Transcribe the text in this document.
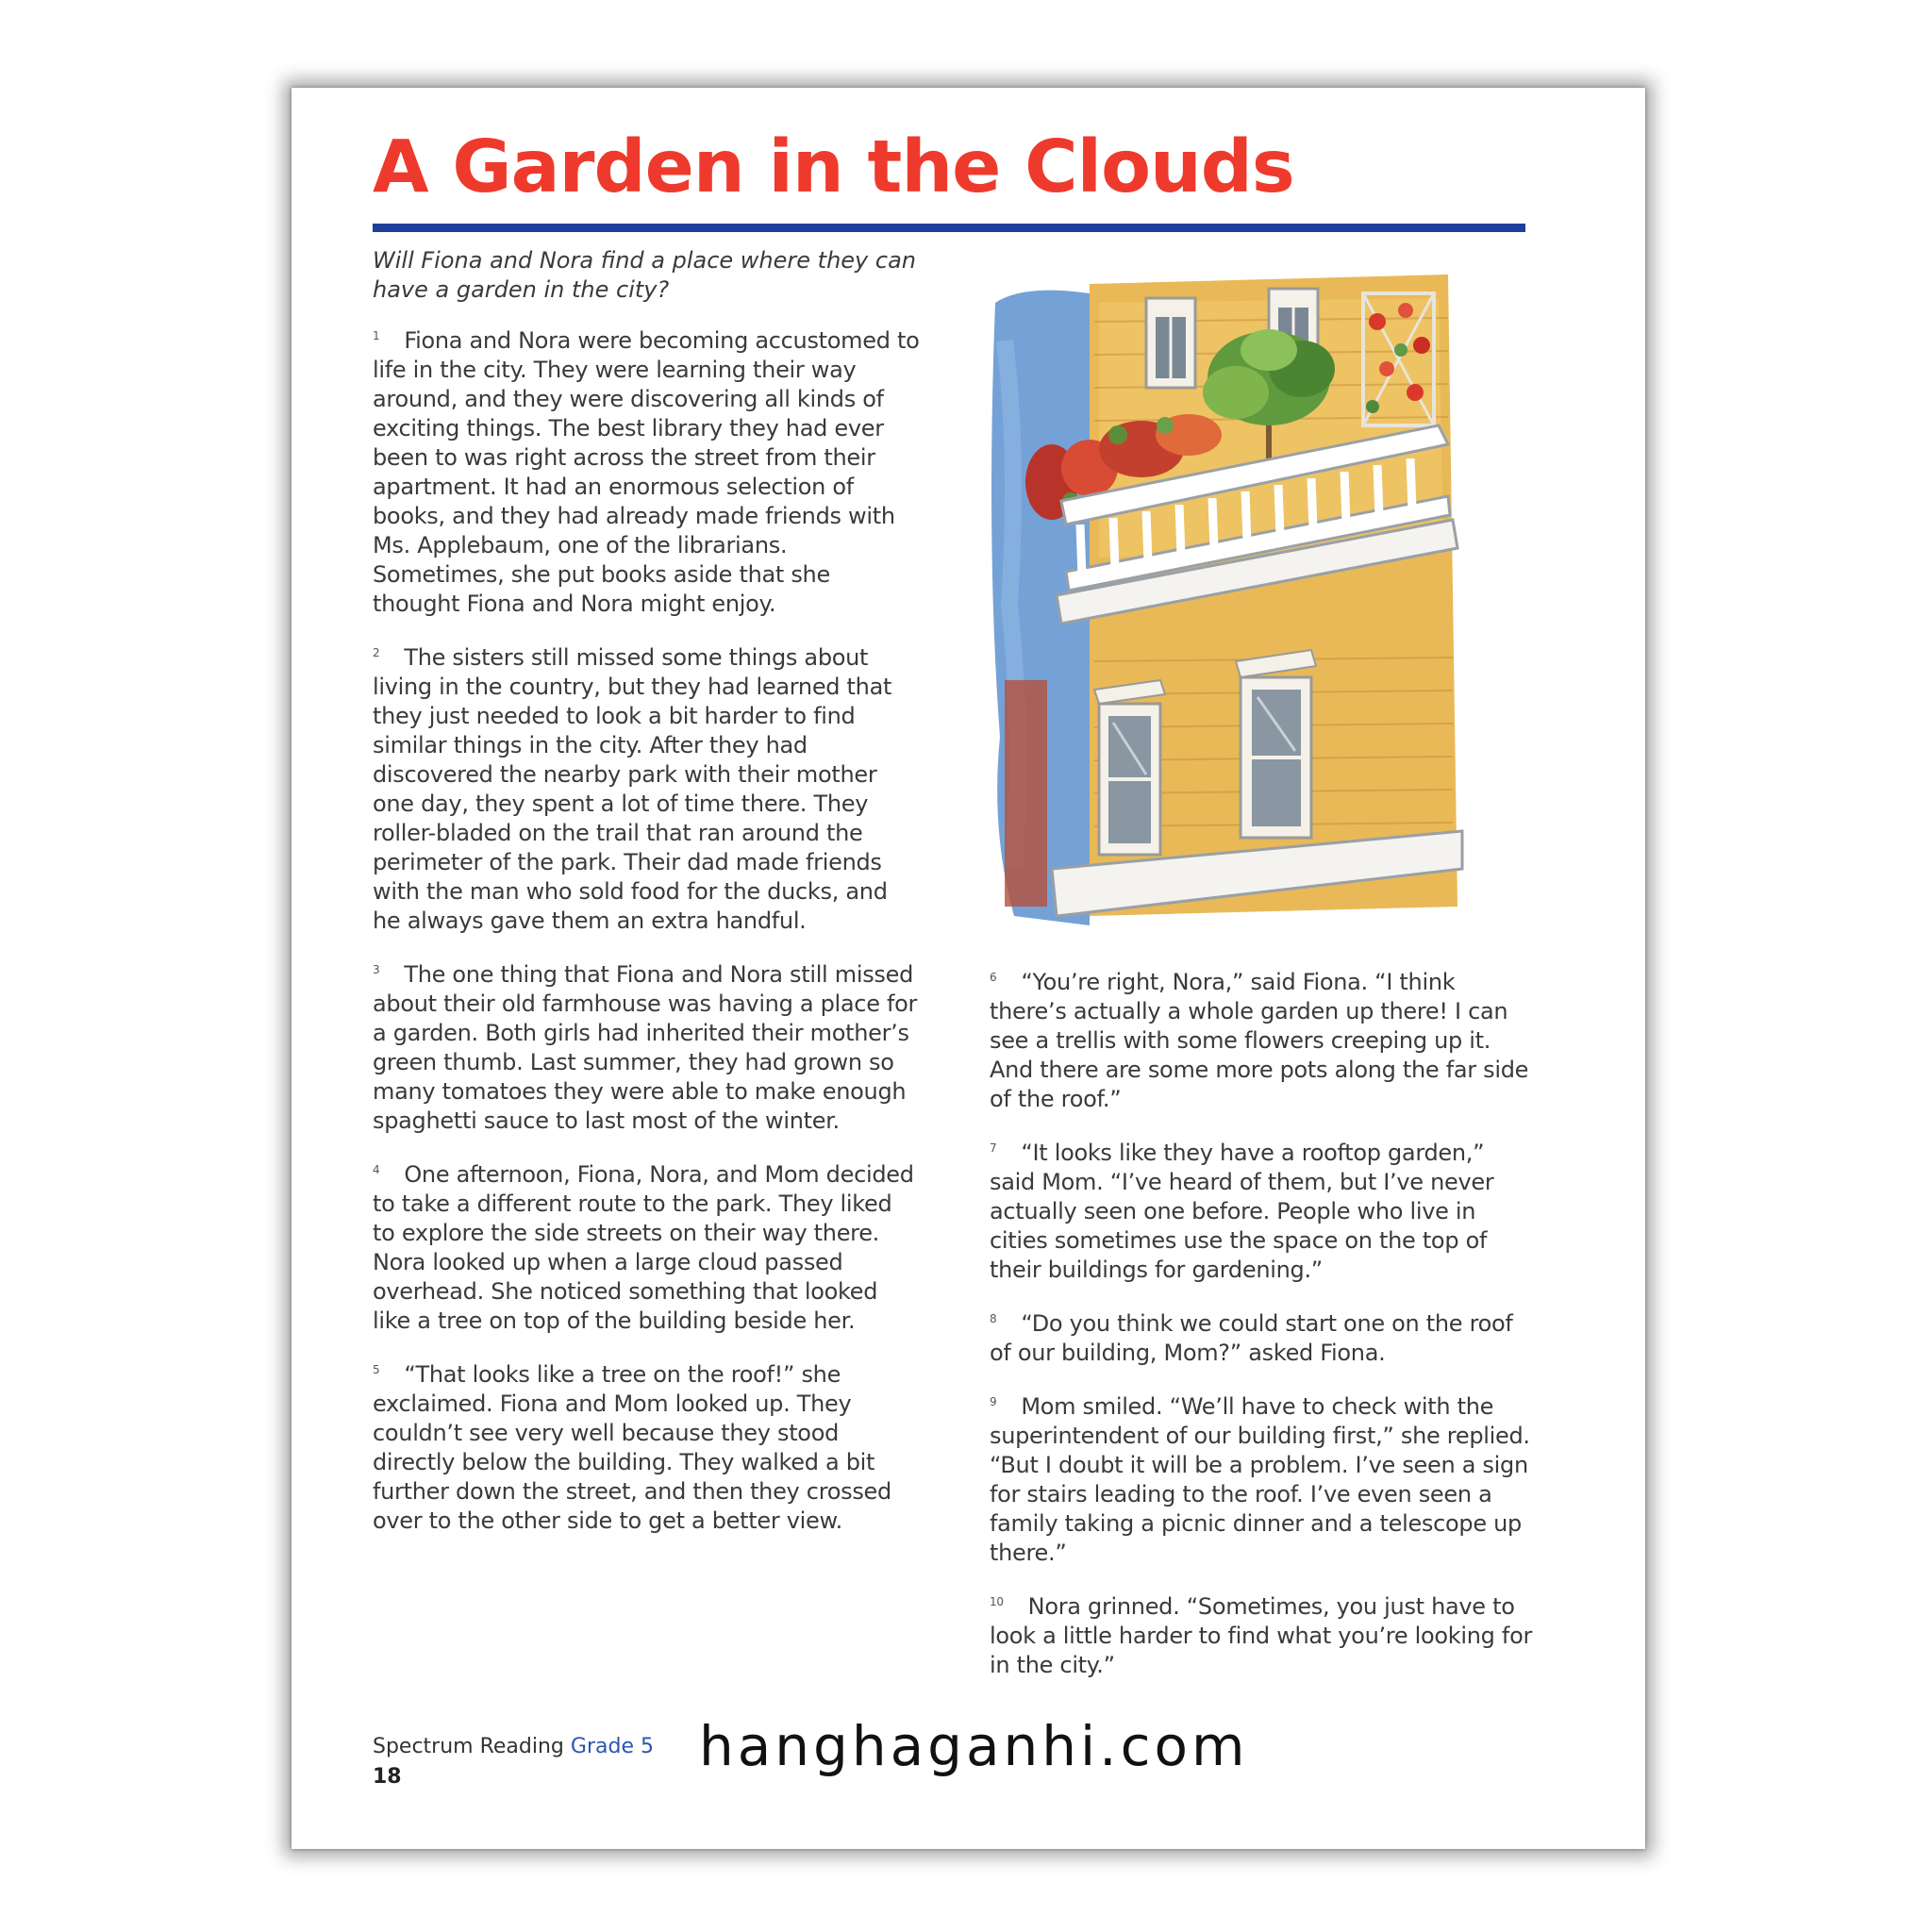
A Garden in the Clouds

Will Fiona and Nora find a place where they can have a garden in the city?

$^1$ Fiona and Nora were becoming accustomed to life in the city. They were learning their way around, and they were discovering all kinds of exciting things. The best library they had ever been to was right across the street from their apartment. It had an enormous selection of books, and they had already made friends with Ms. Applebaum, one of the librarians. Sometimes, she put books aside that she thought Fiona and Nora might enjoy.

$^2$ The sisters still missed some things about living in the country, but they had learned that they just needed to look a bit harder to find similar things in the city. After they had discovered the nearby park with their mother one day, they spent a lot of time there. They roller-bladed on the trail that ran around the perimeter of the park. Their dad made friends with the man who sold food for the ducks, and he always gave them an extra handful.

$^3$ The one thing that Fiona and Nora still missed about their old farmhouse was having a place for a garden. Both girls had inherited their mother’s green thumb. Last summer, they had grown so many tomatoes they were able to make enough spaghetti sauce to last most of the winter.

$^4$ One afternoon, Fiona, Nora, and Mom decided to take a different route to the park. They liked to explore the side streets on their way there. Nora looked up when a large cloud passed overhead. She noticed something that looked like a tree on top of the building beside her.

$^5$ “That looks like a tree on the roof!” she exclaimed. Fiona and Mom looked up. They couldn’t see very well because they stood directly below the building. They walked a bit further down the street, and then they crossed over to the other side to get a better view.

$^6$ “You’re right, Nora,” said Fiona. “I think there’s actually a whole garden up there! I can see a trellis with some flowers creeping up it. And there are some more pots along the far side of the roof.”

$^7$ “It looks like they have a rooftop garden,” said Mom. “I’ve heard of them, but I’ve never actually seen one before. People who live in cities sometimes use the space on the top of their buildings for gardening.”

$^8$ “Do you think we could start one on the roof of our building, Mom?” asked Fiona.

$^9$ Mom smiled. “We’ll have to check with the superintendent of our building first,” she replied. “But I doubt it will be a problem. I’ve seen a sign for stairs leading to the roof. I’ve even seen a family taking a picnic dinner and a telescope up there.”

$^{10}$ Nora grinned. “Sometimes, you just have to look a little harder to find what you’re looking for in the city.”

Spectrum Reading Grade 5
18	hanghaganhi.com
